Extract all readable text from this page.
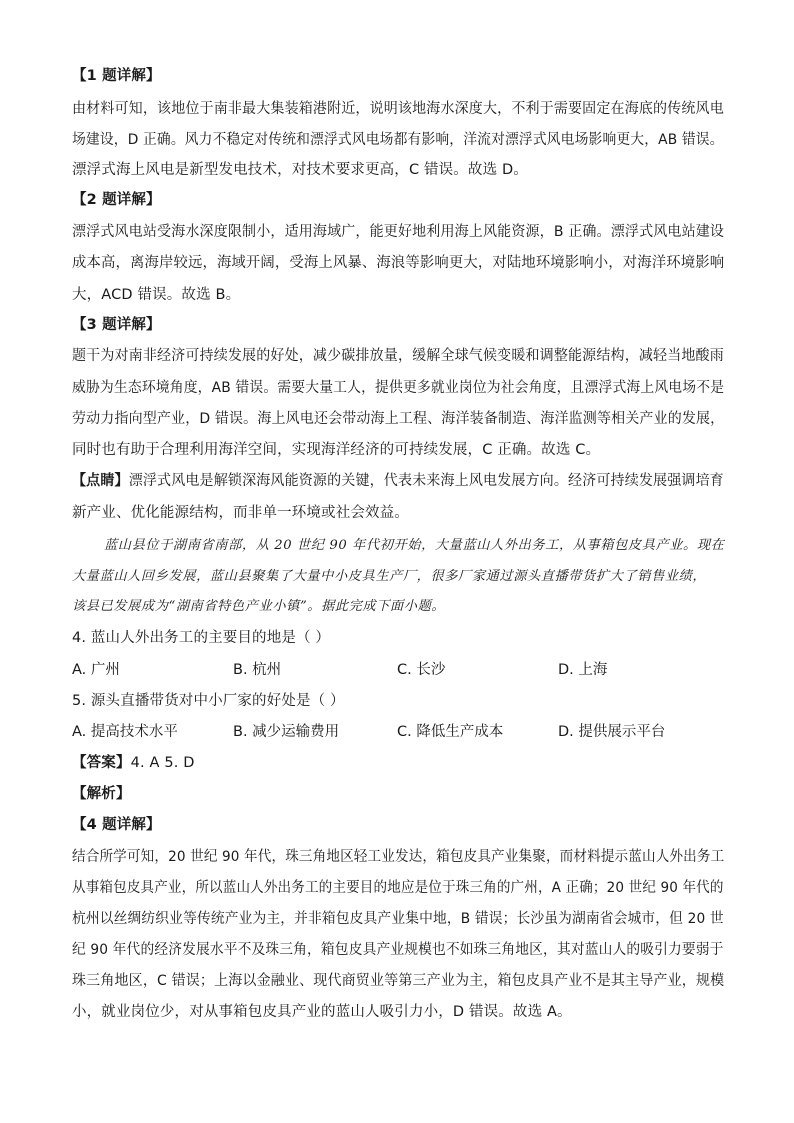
【1 题详解】
由材料可知，该地位于南非最大集装箱港附近，说明该地海水深度大，不利于需要固定在海底的传统风电
场建设，D 正确。风力不稳定对传统和漂浮式风电场都有影响，洋流对漂浮式风电场影响更大，AB 错误。
漂浮式海上风电是新型发电技术，对技术要求更高，C 错误。故选 D。
【2 题详解】
漂浮式风电站受海水深度限制小，适用海域广，能更好地利用海上风能资源，B 正确。漂浮式风电站建设
成本高，离海岸较远，海域开阔，受海上风暴、海浪等影响更大，对陆地环境影响小，对海洋环境影响
大，ACD 错误。故选 B。
【3 题详解】
题干为对南非经济可持续发展的好处，减少碳排放量，缓解全球气候变暖和调整能源结构，减轻当地酸雨
威胁为生态环境角度，AB 错误。需要大量工人，提供更多就业岗位为社会角度，且漂浮式海上风电场不是
劳动力指向型产业，D 错误。海上风电还会带动海上工程、海洋装备制造、海洋监测等相关产业的发展，
同时也有助于合理利用海洋空间，实现海洋经济的可持续发展，C 正确。故选 C。
【点睛】漂浮式风电是解锁深海风能资源的关键，代表未来海上风电发展方向。经济可持续发展强调培育
新产业、优化能源结构，而非单一环境或社会效益。
蓝山县位于湖南省南部，从 20 世纪 90 年代初开始，大量蓝山人外出务工，从事箱包皮具产业。现在
大量蓝山人回乡发展，蓝山县聚集了大量中小皮具生产厂，很多厂家通过源头直播带货扩大了销售业绩，
该县已发展成为“湖南省特色产业小镇”。据此完成下面小题。
4. 蓝山人外出务工的主要目的地是（ ）
A. 广州	B. 杭州	C. 长沙	D. 上海
5. 源头直播带货对中小厂家的好处是（ ）
A. 提高技术水平	B. 减少运输费用	C. 降低生产成本	D. 提供展示平台
【答案】4. A 5. D
【解析】
【4 题详解】
结合所学可知，20 世纪 90 年代，珠三角地区轻工业发达，箱包皮具产业集聚，而材料提示蓝山人外出务工
从事箱包皮具产业，所以蓝山人外出务工的主要目的地应是位于珠三角的广州，A 正确；20 世纪 90 年代的
杭州以丝绸纺织业等传统产业为主，并非箱包皮具产业集中地，B 错误；长沙虽为湖南省会城市，但 20 世
纪 90 年代的经济发展水平不及珠三角，箱包皮具产业规模也不如珠三角地区，其对蓝山人的吸引力要弱于
珠三角地区，C 错误；上海以金融业、现代商贸业等第三产业为主，箱包皮具产业不是其主导产业，规模
小，就业岗位少，对从事箱包皮具产业的蓝山人吸引力小，D 错误。故选 A。
